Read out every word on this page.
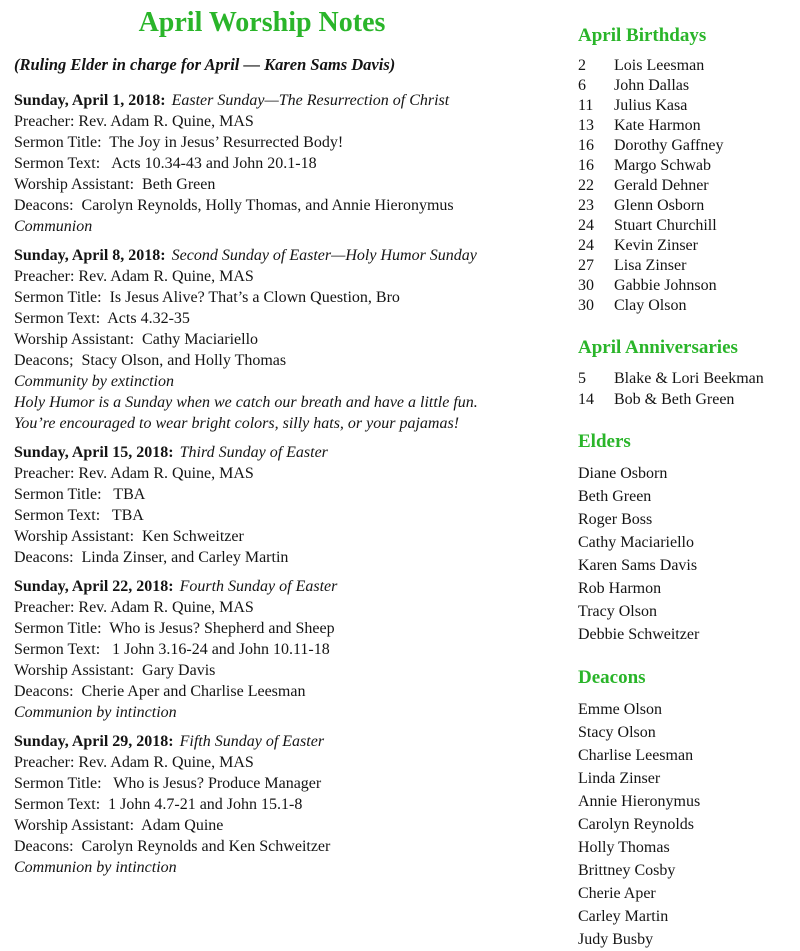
April Worship Notes

(Ruling Elder in charge for April — Karen Sams Davis)

Sunday, April 1, 2018: Easter Sunday—The Resurrection of Christ

Preacher: Rev. Adam R. Quine, MAS

Sermon Title:  The Joy in Jesus’ Resurrected Body!

Sermon Text:   Acts 10.34-43 and John 20.1-18

Worship Assistant:  Beth Green

Deacons:  Carolyn Reynolds, Holly Thomas, and Annie Hieronymus

Communion

Sunday, April 8, 2018: Second Sunday of Easter—Holy Humor Sunday

Preacher: Rev. Adam R. Quine, MAS

Sermon Title:  Is Jesus Alive? That’s a Clown Question, Bro

Sermon Text:  Acts 4.32-35

Worship Assistant:  Cathy Maciariello

Deacons;  Stacy Olson, and Holly Thomas

Community by extinction

Holy Humor is a Sunday when we catch our breath and have a little fun. You’re encouraged to wear bright colors, silly hats, or your pajamas!

Sunday, April 15, 2018: Third Sunday of Easter

Preacher: Rev. Adam R. Quine, MAS

Sermon Title:   TBA

Sermon Text:   TBA

Worship Assistant:  Ken Schweitzer

Deacons:  Linda Zinser, and Carley Martin

Sunday, April 22, 2018: Fourth Sunday of Easter

Preacher: Rev. Adam R. Quine, MAS

Sermon Title:  Who is Jesus? Shepherd and Sheep

Sermon Text:   1 John 3.16-24 and John 10.11-18

Worship Assistant:  Gary Davis

Deacons:  Cherie Aper and Charlise Leesman

Communion by intinction

Sunday, April 29, 2018: Fifth Sunday of Easter

Preacher: Rev. Adam R. Quine, MAS

Sermon Title:   Who is Jesus? Produce Manager

Sermon Text:  1 John 4.7-21 and John 15.1-8

Worship Assistant:  Adam Quine

Deacons:  Carolyn Reynolds and Ken Schweitzer

Communion by intinction

April Birthdays
2	Lois Leesman
6	John Dallas
11	Julius Kasa
13	Kate Harmon
16	Dorothy Gaffney
16	Margo Schwab
22	Gerald Dehner
23	Glenn Osborn
24	Stuart Churchill
24	Kevin Zinser
27	Lisa Zinser
30	Gabbie Johnson
30	Clay Olson
April Anniversaries
5	Blake & Lori Beekman
14	Bob & Beth Green
Elders

Diane Osborn

Beth Green

Roger Boss

Cathy Maciariello

Karen Sams Davis

Rob Harmon

Tracy Olson

Debbie Schweitzer

Deacons

Emme Olson

Stacy Olson

Charlise Leesman

Linda Zinser

Annie Hieronymus

Carolyn Reynolds

Holly Thomas

Brittney Cosby

Cherie Aper

Carley Martin

Judy Busby
